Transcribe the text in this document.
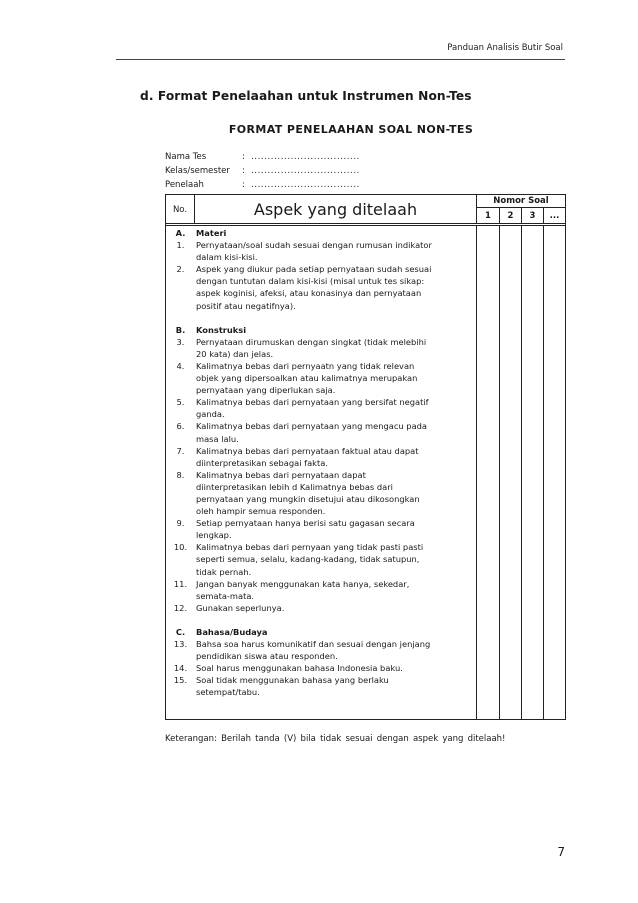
Panduan Analisis Butir Soal
d. Format Penelaahan untuk Instrumen Non-Tes
FORMAT PENELAAHAN SOAL NON-TES
Nama Tes	: .................................
Kelas/semester	: .................................
Penelaah	: .................................
No.	Aspek yang ditelaah	Nomor Soal
1	2	3	...
A.	Materi
1.	Pernyataan/soal sudah sesuai dengan rumusan indikator
dalam kisi-kisi.
2.	Aspek yang diukur pada setiap pernyataan sudah sesuai
dengan tuntutan dalam kisi-kisi (misal untuk tes sikap:
aspek koginisi, afeksi, atau konasinya dan pernyataan
positif atau negatifnya).
B.	Konstruksi
3.	Pernyataan dirumuskan dengan singkat (tidak melebihi
20 kata) dan jelas.
4.	Kalimatnya bebas dari pernyaatn yang tidak relevan
objek yang dipersoalkan atau kalimatnya merupakan
pernyataan yang diperlukan saja.
5.	Kalimatnya bebas dari pernyataan yang bersifat negatif
ganda.
6.	Kalimatnya bebas dari pernyataan yang mengacu pada
masa lalu.
7.	Kalimatnya bebas dari pernyataan faktual atau dapat
diinterpretasikan sebagai fakta.
8.	Kalimatnya bebas dari pernyataan dapat
diinterpretasikan lebih d Kalimatnya bebas dari
pernyataan yang mungkin disetujui atau dikosongkan
oleh hampir semua responden.
9.	Setiap pernyataan hanya berisi satu gagasan secara
lengkap.
10.	Kalimatnya bebas dari pernyaan yang tidak pasti pasti
seperti semua, selalu, kadang-kadang, tidak satupun,
tidak pernah.
11.	Jangan banyak menggunakan kata hanya, sekedar,
semata-mata.
12.	Gunakan seperlunya.
C.	Bahasa/Budaya
13.	Bahsa soa harus komunikatif dan sesuai dengan jenjang
pendidikan siswa atau responden.
14.	Soal harus menggunakan bahasa Indonesia baku.
15.	Soal tidak menggunakan bahasa yang berlaku
setempat/tabu.
Keterangan: Berilah tanda (V) bila tidak sesuai dengan aspek yang ditelaah!
7
